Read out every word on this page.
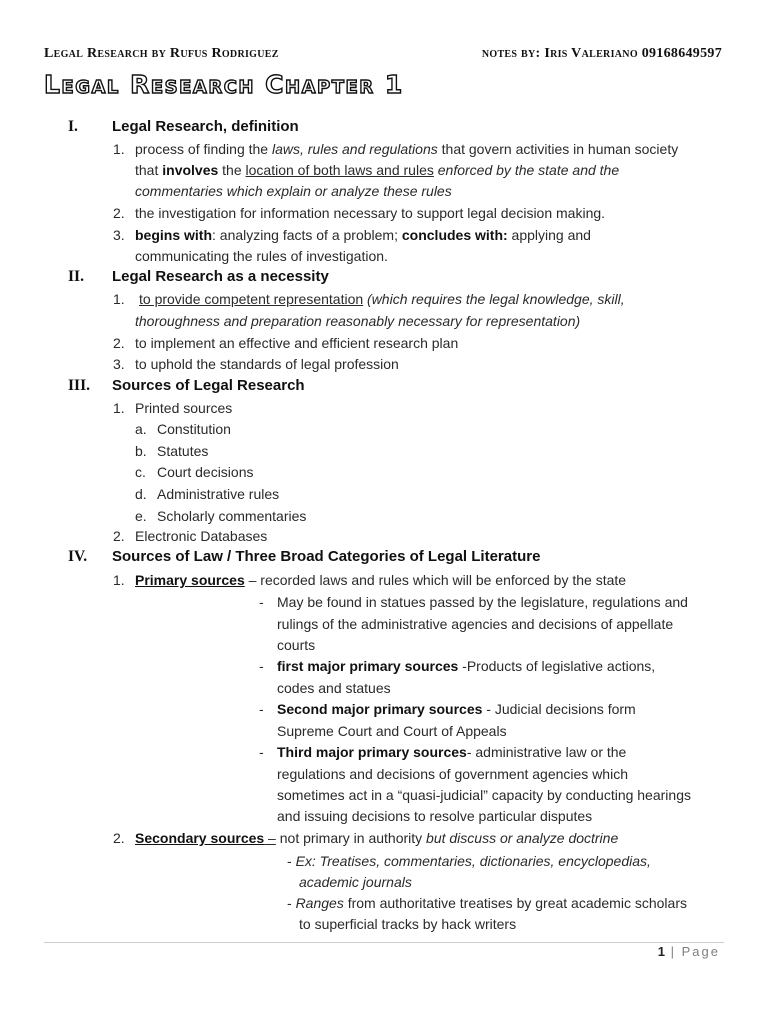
Legal Research by Rufus Rodriguez	notes by: Iris Valeriano 09168649597
Legal Research Chapter 1
I. Legal Research, definition
1. process of finding the laws, rules and regulations that govern activities in human society
that involves the location of both laws and rules enforced by the state and the
commentaries which explain or analyze these rules
2. the investigation for information necessary to support legal decision making.
3. begins with: analyzing facts of a problem; concludes with: applying and
communicating the rules of investigation.
II. Legal Research as a necessity
1. to provide competent representation (which requires the legal knowledge, skill,
thoroughness and preparation reasonably necessary for representation)
2. to implement an effective and efficient research plan
3. to uphold the standards of legal profession
III. Sources of Legal Research
1. Printed sources
a. Constitution
b. Statutes
c. Court decisions
d. Administrative rules
e. Scholarly commentaries
2. Electronic Databases
IV. Sources of Law / Three Broad Categories of Legal Literature
1. Primary sources – recorded laws and rules which will be enforced by the state
- May be found in statues passed by the legislature, regulations and
rulings of the administrative agencies and decisions of appellate
courts
- first major primary sources -Products of legislative actions,
codes and statues
- Second major primary sources - Judicial decisions form
Supreme Court and Court of Appeals
- Third major primary sources- administrative law or the
regulations and decisions of government agencies which
sometimes act in a “quasi-judicial” capacity by conducting hearings
and issuing decisions to resolve particular disputes
2. Secondary sources – not primary in authority but discuss or analyze doctrine
- Ex: Treatises, commentaries, dictionaries, encyclopedias,
academic journals
- Ranges from authoritative treatises by great academic scholars
to superficial tracks by hack writers
1 | Page
